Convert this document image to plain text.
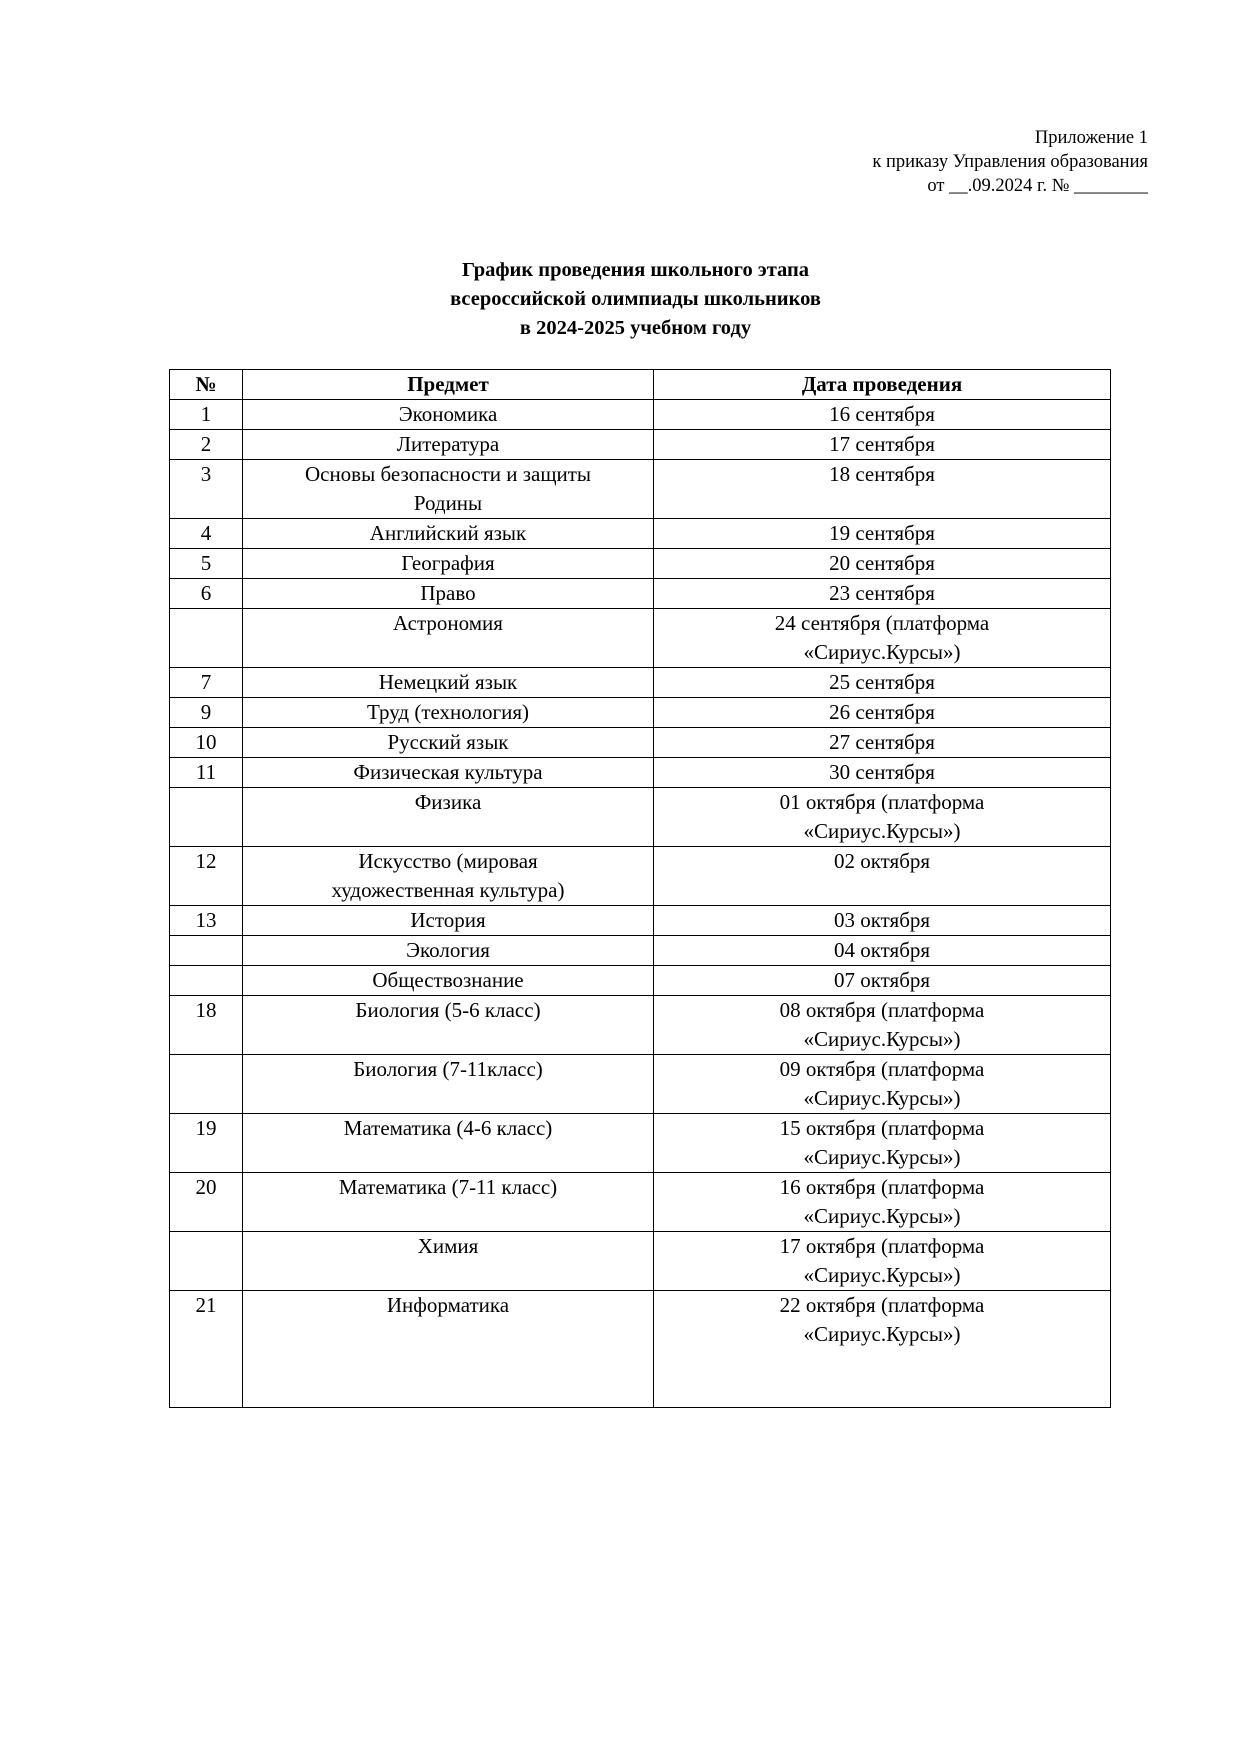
Приложение 1
к приказу Управления образования
от __.09.2024 г. № ________
График проведения школьного этапа
всероссийской олимпиады школьников
в 2024-2025 учебном году
№	Предмет	Дата проведения
1	Экономика	16 сентября

2	Литература	17 сентября

3	Основы безопасности и защиты
Родины	18 сентября

4	Английский язык	19 сентября

5	География	20 сентября

6	Право	23 сентября

	Астрономия	24 сентября (платформа
«Сириус.Курсы»)

7	Немецкий язык	25 сентября

9	Труд (технология)	26 сентября

10	Русский язык	27 сентября

11	Физическая культура	30 сентября

	Физика	01 октября (платформа
«Сириус.Курсы»)

12	Искусство (мировая
художественная культура)	02 октября

13	История	03 октября

	Экология	04 октября

	Обществознание	07 октября

18	Биология (5-6 класс)	08 октября (платформа
«Сириус.Курсы»)

	Биология (7-11класс)	09 октября (платформа
«Сириус.Курсы»)

19	Математика (4-6 класс)	15 октября (платформа
«Сириус.Курсы»)

20	Математика (7-11 класс)	16 октября (платформа
«Сириус.Курсы»)

	Химия	17 октября (платформа
«Сириус.Курсы»)

21	Информатика	22 октября (платформа
«Сириус.Курсы»)
